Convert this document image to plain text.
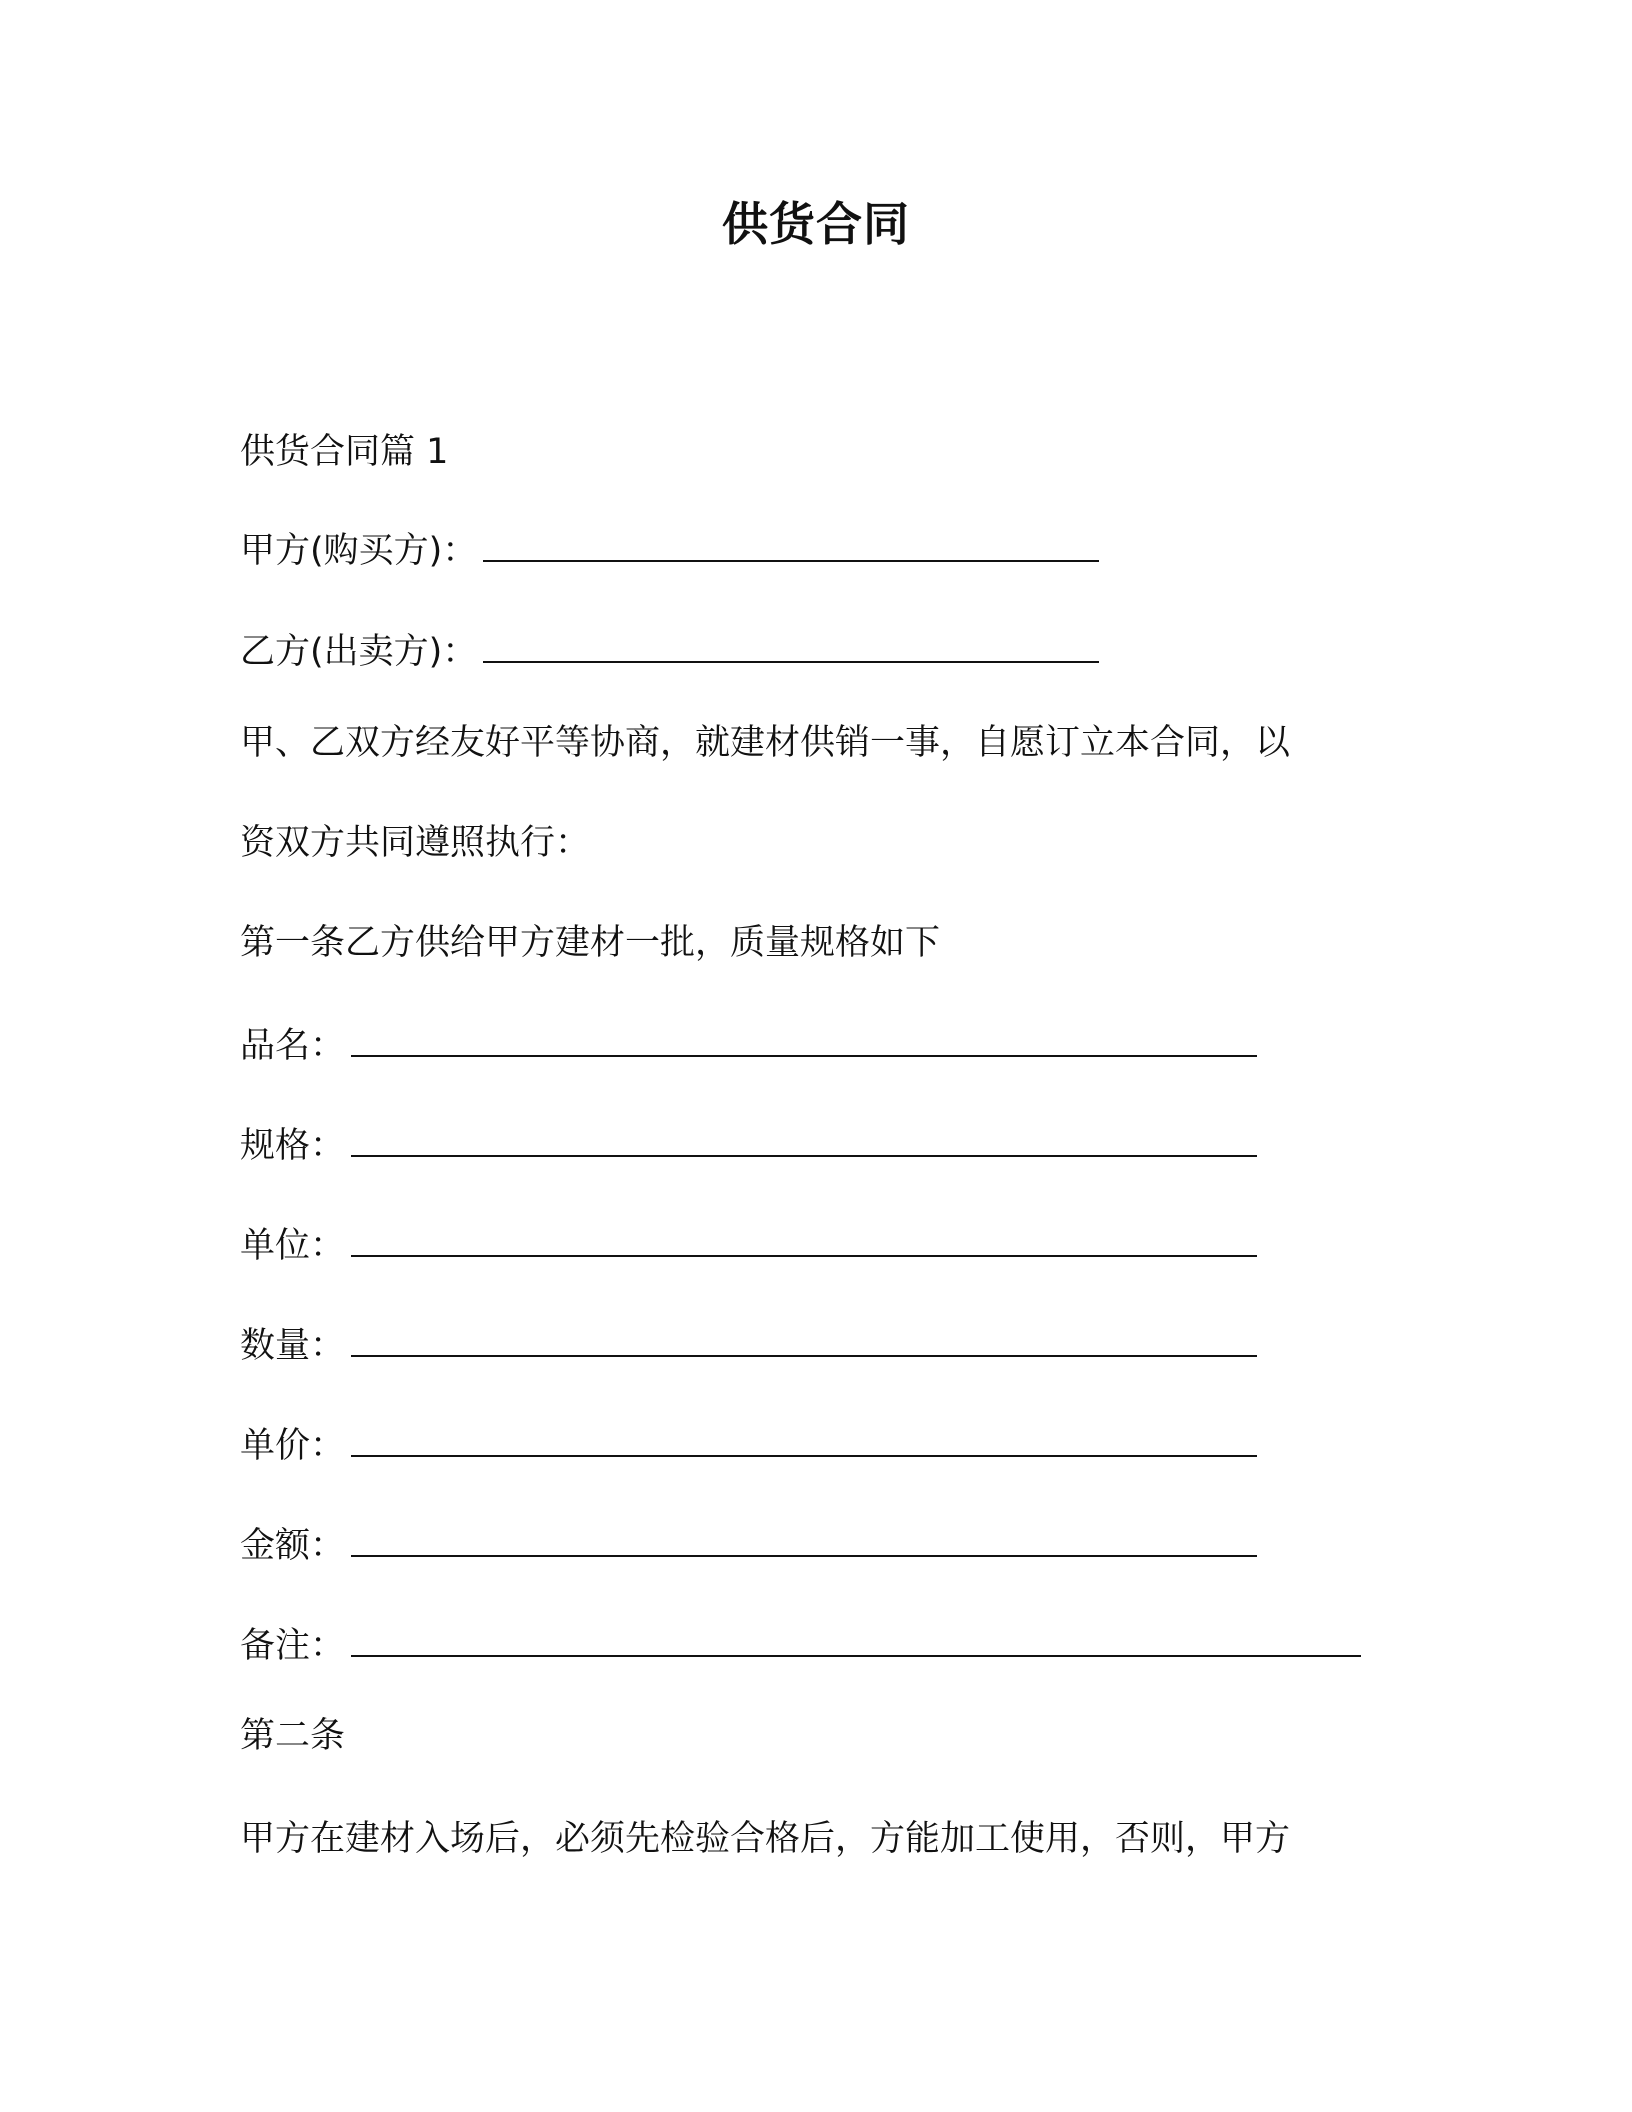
供货合同

供货合同篇 1

甲方(购买方)：

乙方(出卖方)：

甲、乙双方经友好平等协商，就建材供销一事，自愿订立本合同，以

资双方共同遵照执行：

第一条乙方供给甲方建材一批，质量规格如下

品名：

规格：

单位：

数量：

单价：

金额：

备注：

第二条

甲方在建材入场后，必须先检验合格后，方能加工使用，否则，甲方
